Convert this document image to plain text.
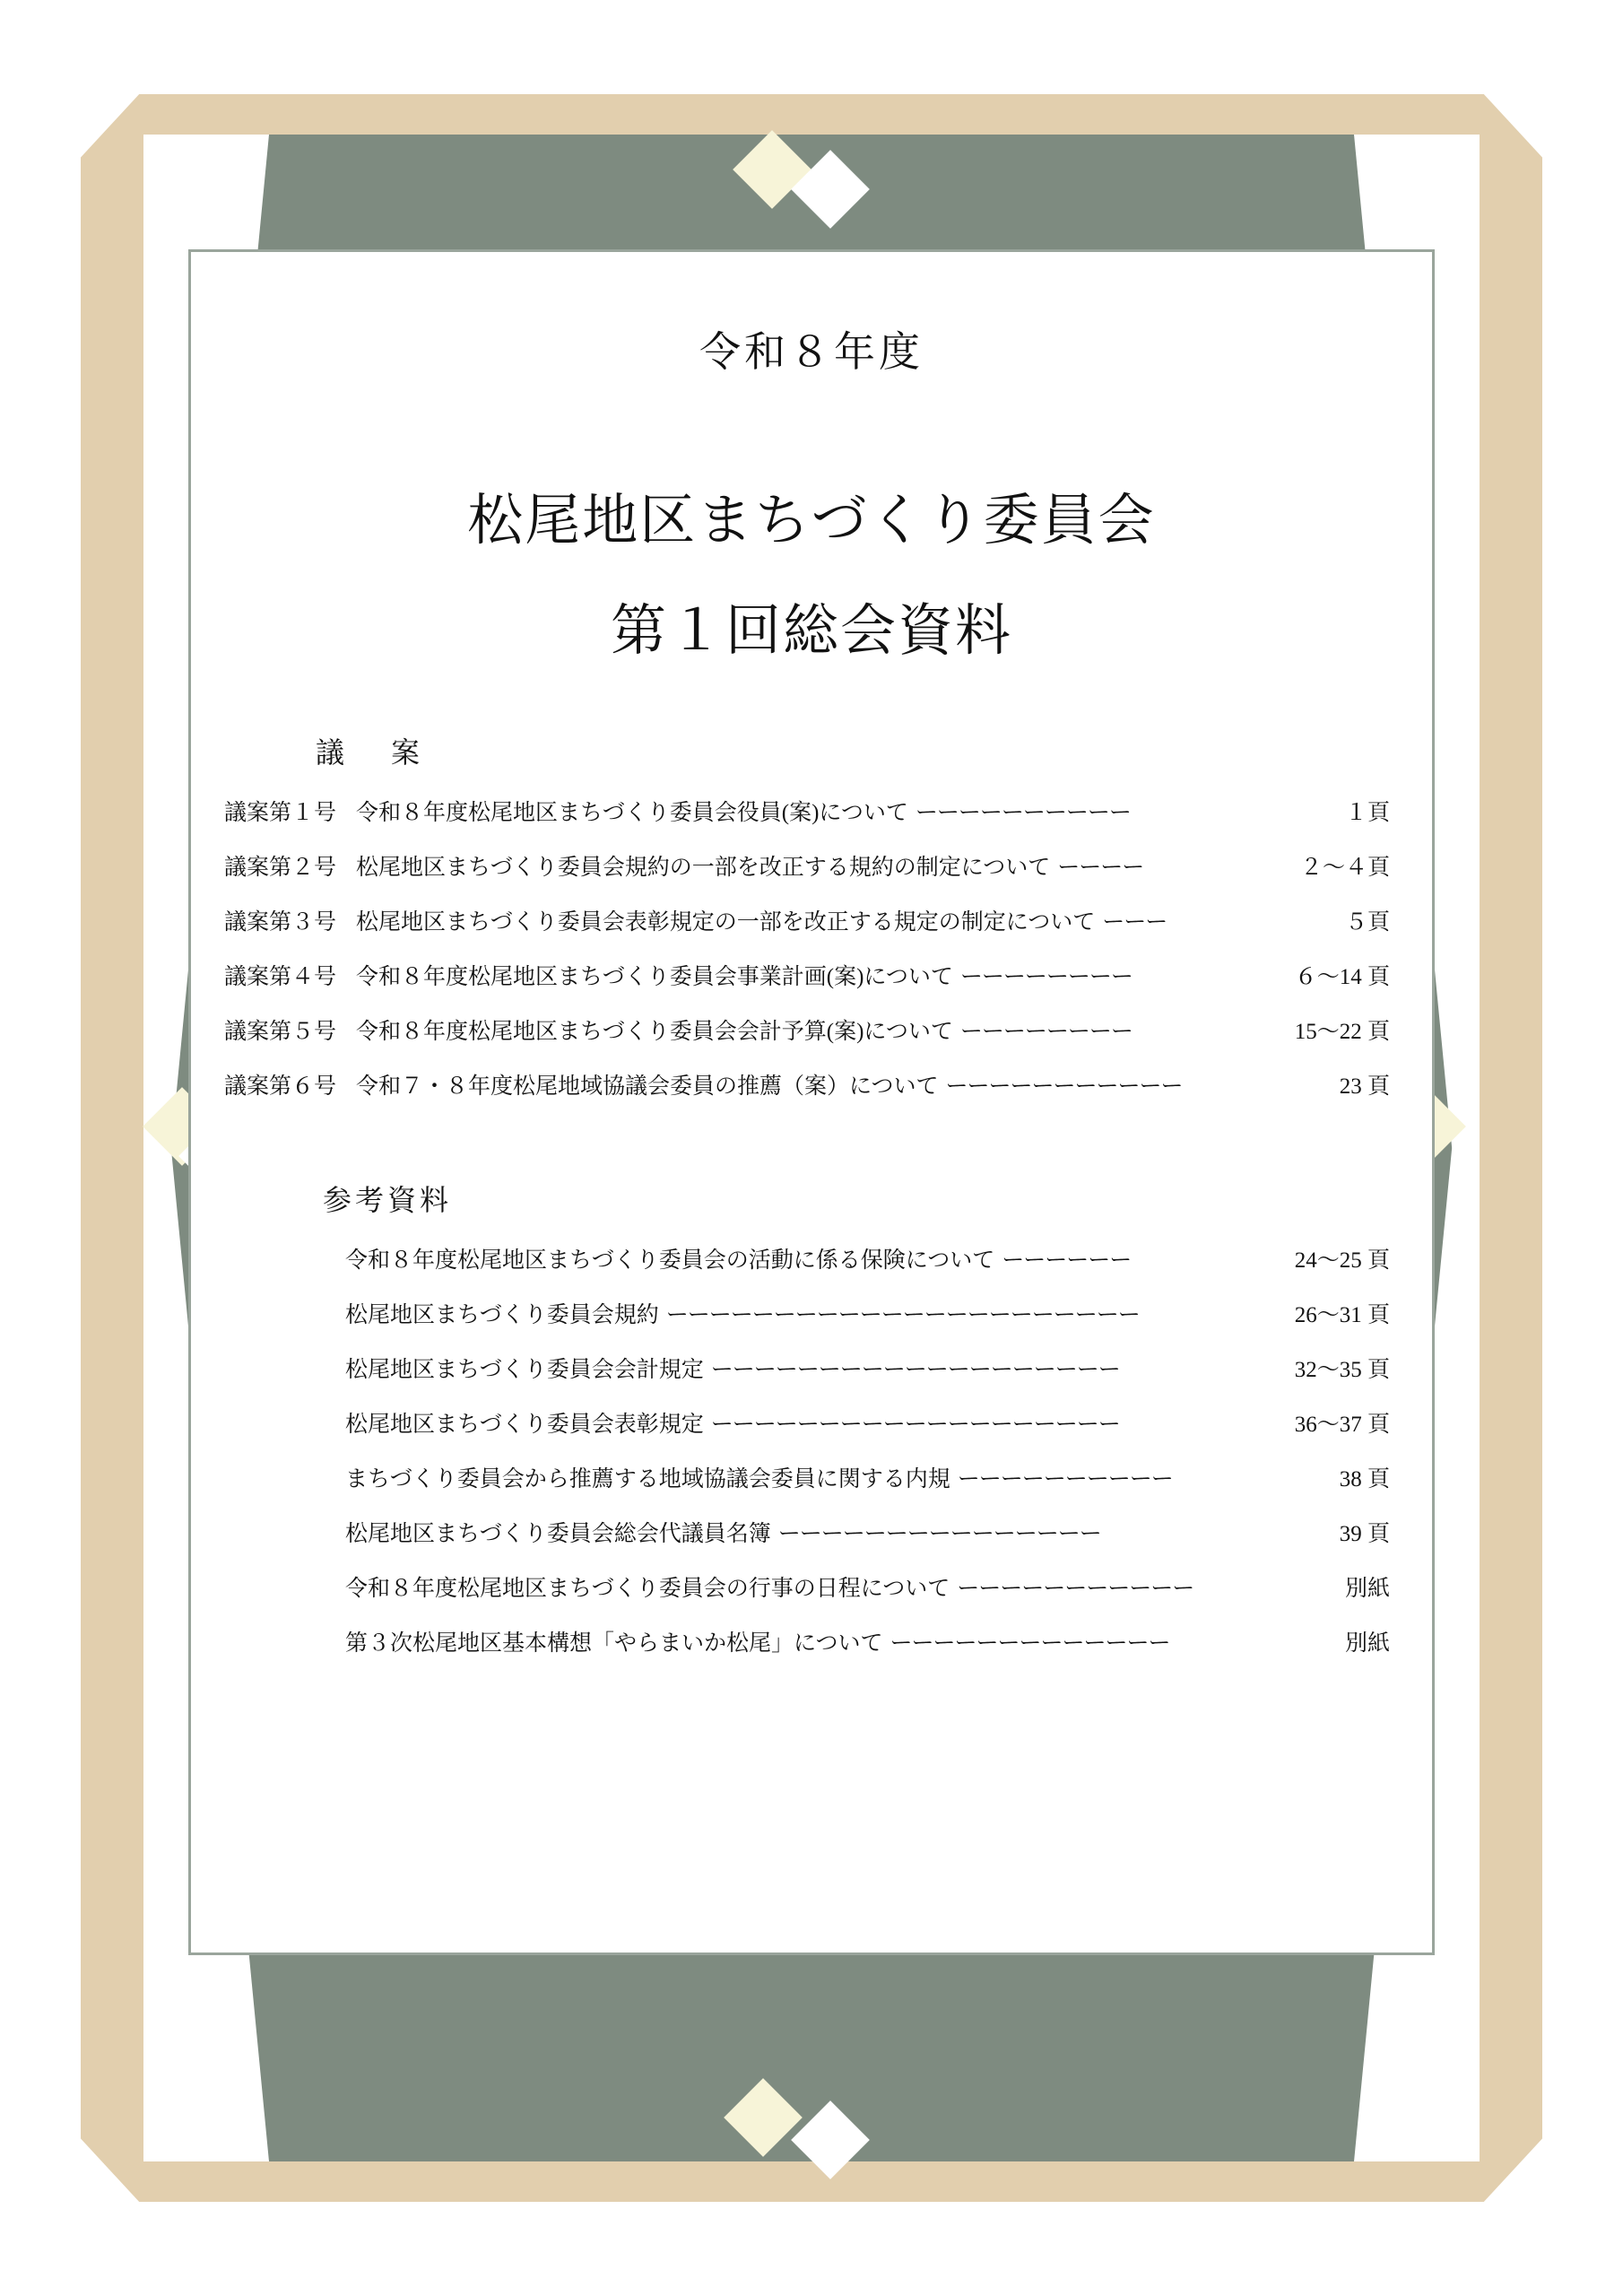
令和８年度
松尾地区まちづくり委員会
第１回総会資料
議　案
議案第１号 令和８年度松尾地区まちづくり委員会役員(案)について ーーーーーーーーーー	１頁
議案第２号 松尾地区まちづくり委員会規約の一部を改正する規約の制定について ーーーー	２〜４頁
議案第３号 松尾地区まちづくり委員会表彰規定の一部を改正する規定の制定について ーーー	５頁
議案第４号 令和８年度松尾地区まちづくり委員会事業計画(案)について ーーーーーーーー	６〜14 頁
議案第５号 令和８年度松尾地区まちづくり委員会会計予算(案)について ーーーーーーーー	15〜22 頁
議案第６号 令和７・８年度松尾地域協議会委員の推薦（案）について ーーーーーーーーーーー	23 頁
参考資料
令和８年度松尾地区まちづくり委員会の活動に係る保険について ーーーーーー	24〜25 頁
松尾地区まちづくり委員会規約 ーーーーーーーーーーーーーーーーーーーーーー	26〜31 頁
松尾地区まちづくり委員会会計規定 ーーーーーーーーーーーーーーーーーーー	32〜35 頁
松尾地区まちづくり委員会表彰規定 ーーーーーーーーーーーーーーーーーーー	36〜37 頁
まちづくり委員会から推薦する地域協議会委員に関する内規 ーーーーーーーーーー	38 頁
松尾地区まちづくり委員会総会代議員名簿 ーーーーーーーーーーーーーーー	39 頁
令和８年度松尾地区まちづくり委員会の行事の日程について ーーーーーーーーーーー	別紙
第３次松尾地区基本構想「やらまいか松尾」について ーーーーーーーーーーーーー	別紙
